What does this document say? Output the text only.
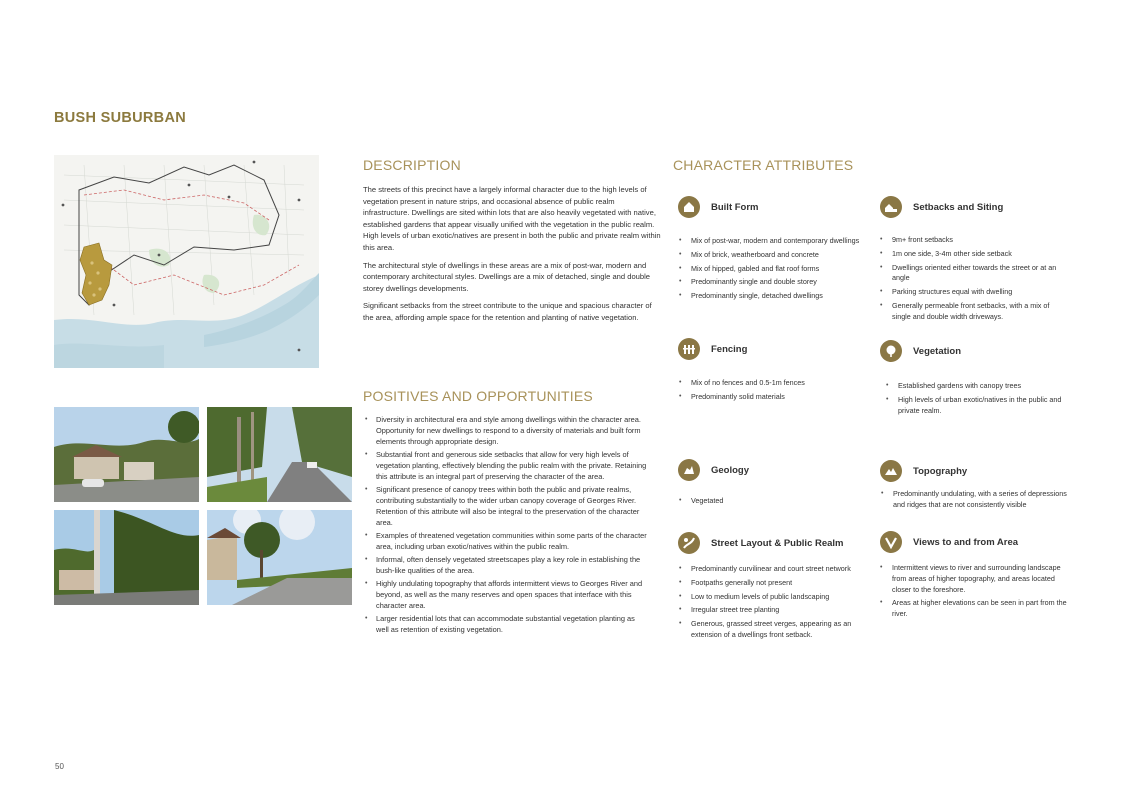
BUSH SUBURBAN
DESCRIPTION

The streets of this precinct have a largely informal character due to the high levels of vegetation present in nature strips, and occasional absence of public realm infrastructure. Dwellings are sited within lots that are also heavily vegetated with native, established gardens that appear visually unified with the vegetation in the public realm. High levels of urban exotic/natives are present in both the public and private realm within this area.

The architectural style of dwellings in these areas are a mix of post-war, modern and contemporary architectural styles. Dwellings are a mix of detached, single and double storey dwellings developments.

Significant setbacks from the street contribute to the unique and spacious character of the area, affording ample space for the retention and planting of native vegetation.

POSITIVES AND OPPORTUNITIES
• Diversity in architectural era and style among dwellings within the character area. Opportunity for new dwellings to respond to a diversity of materials and built form elements through appropriate design.
• Substantial front and generous side setbacks that allow for very high levels of vegetation planting, effectively blending the public realm with the private. Retaining this attribute is an integral part of preserving the character of the area.
• Significant presence of canopy trees within both the public and private realms, contributing substantially to the wider urban canopy coverage of Georges River. Retention of this attribute will also be integral to the preservation of the character area.
• Examples of threatened vegetation communities within some parts of the character area, including urban exotic/natives within the public realm.
• Informal, often densely vegetated streetscapes play a key role in establishing the bush-like qualities of the area.
• Highly undulating topography that affords intermittent views to Georges River and beyond, as well as the many reserves and open spaces that interface with this character area.
• Larger residential lots that can accommodate substantial vegetation planting as well as retention of existing vegetation.
CHARACTER ATTRIBUTES
Built Form
• Mix of post-war, modern and contemporary dwellings
• Mix of brick, weatherboard and concrete
• Mix of hipped, gabled and flat roof forms
• Predominantly single and double storey
• Predominantly single, detached dwellings
Setbacks and Siting
• 9m+ front setbacks
• 1m one side, 3-4m other side setback
• Dwellings oriented either towards the street or at an angle
• Parking structures equal with dwelling
• Generally permeable front setbacks, with a mix of single and double width driveways.
Fencing
• Mix of no fences and 0.5-1m fences
• Predominantly solid materials
Vegetation
• Established gardens with canopy trees
• High levels of urban exotic/natives in the public and private realm.
Geology
• Vegetated
Topography
• Predominantly undulating, with a series of depressions and ridges that are not consistently visible
Street Layout & Public Realm
• Predominantly curvilinear and court street network
• Footpaths generally not present
• Low to medium levels of public landscaping
• Irregular street tree planting
• Generous, grassed street verges, appearing as an extension of a dwellings front setback.
Views to and from Area
• Intermittent views to river and surrounding landscape from areas of higher topography, and areas located closer to the foreshore.
• Areas at higher elevations can be seen in part from the river.
50
